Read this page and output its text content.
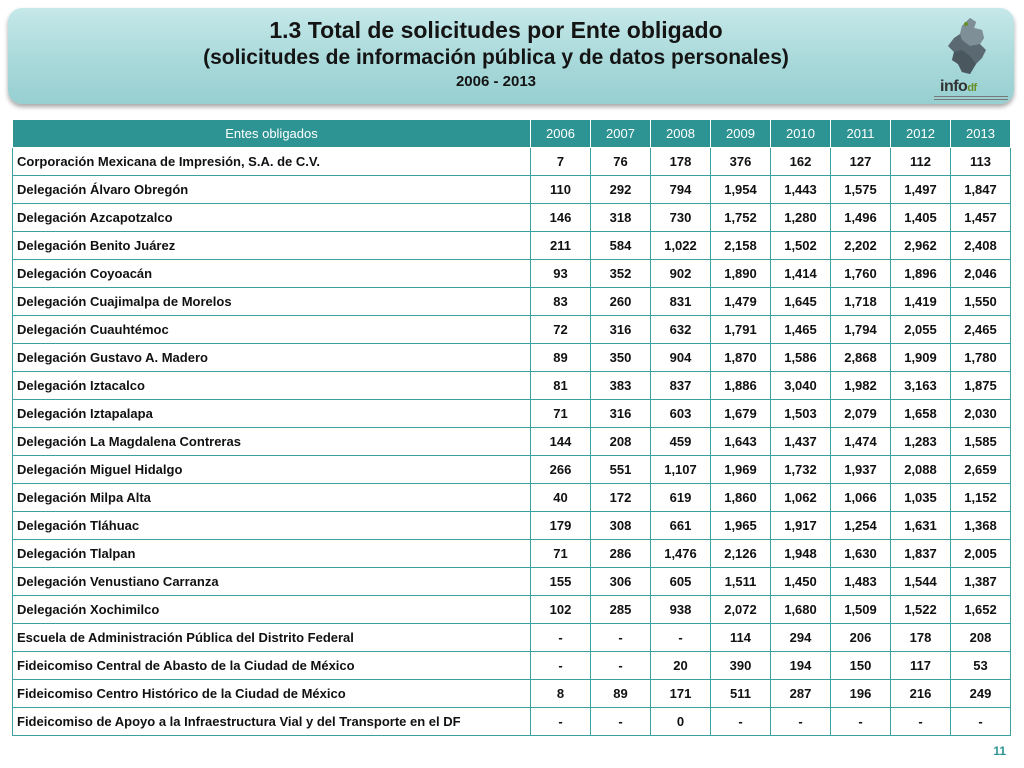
1.3 Total de solicitudes por Ente obligado
(solicitudes de información pública y de datos personales)
2006 - 2013	infodf
Entes obligados	2006	2007	2008	2009	2010	2011	2012	2013
Corporación Mexicana de Impresión, S.A. de C.V.	7	76	178	376	162	127	112	113
Delegación Álvaro Obregón	110	292	794	1,954	1,443	1,575	1,497	1,847
Delegación Azcapotzalco	146	318	730	1,752	1,280	1,496	1,405	1,457
Delegación Benito Juárez	211	584	1,022	2,158	1,502	2,202	2,962	2,408
Delegación Coyoacán	93	352	902	1,890	1,414	1,760	1,896	2,046
Delegación Cuajimalpa de Morelos	83	260	831	1,479	1,645	1,718	1,419	1,550
Delegación Cuauhtémoc	72	316	632	1,791	1,465	1,794	2,055	2,465
Delegación Gustavo A. Madero	89	350	904	1,870	1,586	2,868	1,909	1,780
Delegación Iztacalco	81	383	837	1,886	3,040	1,982	3,163	1,875
Delegación Iztapalapa	71	316	603	1,679	1,503	2,079	1,658	2,030
Delegación La Magdalena Contreras	144	208	459	1,643	1,437	1,474	1,283	1,585
Delegación Miguel Hidalgo	266	551	1,107	1,969	1,732	1,937	2,088	2,659
Delegación Milpa Alta	40	172	619	1,860	1,062	1,066	1,035	1,152
Delegación Tláhuac	179	308	661	1,965	1,917	1,254	1,631	1,368
Delegación Tlalpan	71	286	1,476	2,126	1,948	1,630	1,837	2,005
Delegación Venustiano Carranza	155	306	605	1,511	1,450	1,483	1,544	1,387
Delegación Xochimilco	102	285	938	2,072	1,680	1,509	1,522	1,652
Escuela de Administración Pública del Distrito Federal	-	-	-	114	294	206	178	208
Fideicomiso Central de Abasto de la Ciudad de México	-	-	20	390	194	150	117	53
Fideicomiso Centro Histórico de la Ciudad de México	8	89	171	511	287	196	216	249
Fideicomiso de Apoyo a la Infraestructura Vial y del Transporte en el DF	-	-	0	-	-	-	-	-
11
